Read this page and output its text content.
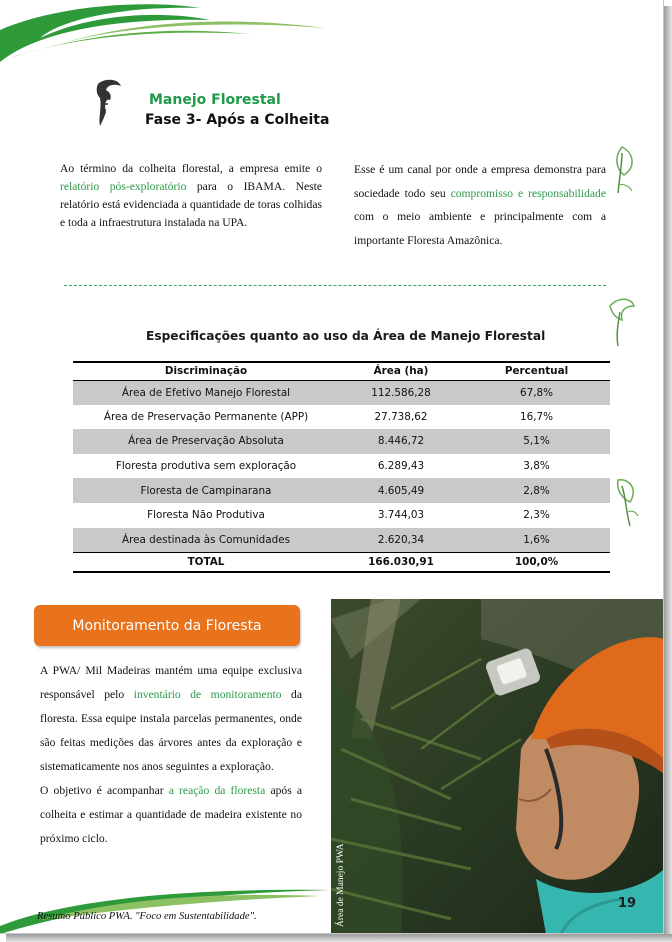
Manejo Florestal
Fase 3- Após a Colheita
Ao término da colheita florestal, a empresa emite o relatório pós-exploratório para o IBAMA. Neste relatório está evidenciada a quantidade de toras colhidas e toda a infraestrutura instalada na UPA.
Esse é um canal por onde a empresa demonstra para sociedade todo seu compromisso e responsabilidade com o meio ambiente e principalmente com a importante Floresta Amazônica.
Especificações quanto ao uso da Área de Manejo Florestal
Discriminação	Área (ha)	Percentual
Área de Efetivo Manejo Florestal	112.586,28	67,8%
Área de Preservação Permanente (APP)	27.738,62	16,7%
Área de Preservação Absoluta	8.446,72	5,1%
Floresta produtiva sem exploração	6.289,43	3,8%
Floresta de Campinarana	4.605,49	2,8%
Floresta Não Produtiva	3.744,03	2,3%
Área destinada às Comunidades	2.620,34	1,6%
TOTAL	166.030,91	100,0%
Monitoramento da Floresta

A PWA/ Mil Madeiras mantém uma equipe exclusiva responsável pelo inventário de monitoramento da floresta. Essa equipe instala parcelas permanentes, onde são feitas medições das árvores antes da exploração e sistematicamente nos anos seguintes a exploração.

O objetivo é acompanhar a reação da floresta após a colheita e estimar a quantidade de madeira existente no próximo ciclo.

Área de Manejo PWA	19
Resumo Público PWA. "Foco em Sustentabilidade".
